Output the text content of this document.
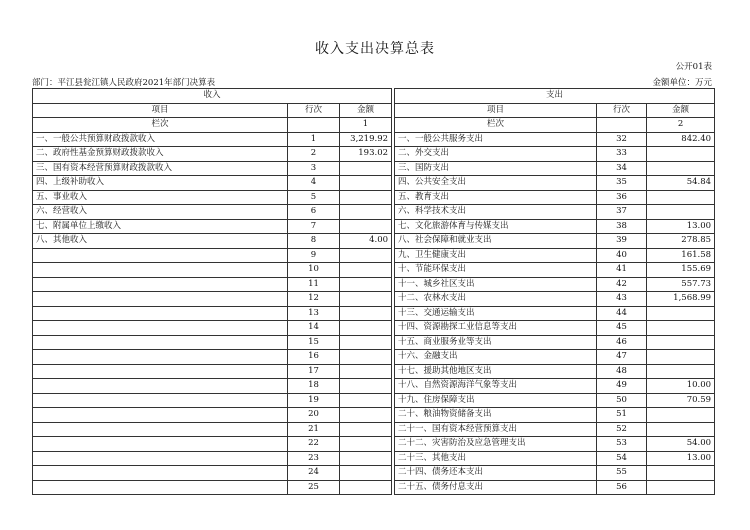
收入支出决算总表
公开01表
部门：平江县瓮江镇人民政府2021年部门决算表	金额单位：万元
收入				支出		
项目	行次	金额		项目	行次	金额
栏次		1		栏次		2
一、一般公共预算财政拨款收入	1	3,219.92		一、一般公共服务支出	32	842.40
二、政府性基金预算财政拨款收入	2	193.02		二、外交支出	33	
三、国有资本经营预算财政拨款收入	3			三、国防支出	34	
四、上级补助收入	4			四、公共安全支出	35	54.84
五、事业收入	5			五、教育支出	36	
六、经营收入	6			六、科学技术支出	37	
七、附属单位上缴收入	7			七、文化旅游体育与传媒支出	38	13.00
八、其他收入	8	4.00		八、社会保障和就业支出	39	278.85
	9			九、卫生健康支出	40	161.58
	10			十、节能环保支出	41	155.69
	11			十一、城乡社区支出	42	557.73
	12			十二、农林水支出	43	1,568.99
	13			十三、交通运输支出	44	
	14			十四、资源勘探工业信息等支出	45	
	15			十五、商业服务业等支出	46	
	16			十六、金融支出	47	
	17			十七、援助其他地区支出	48	
	18			十八、自然资源海洋气象等支出	49	10.00
	19			十九、住房保障支出	50	70.59
	20			二十、粮油物资储备支出	51	
	21			二十一、国有资本经营预算支出	52	
	22			二十二、灾害防治及应急管理支出	53	54.00
	23			二十三、其他支出	54	13.00
	24			二十四、债务还本支出	55	
	25			二十五、债务付息支出	56	
